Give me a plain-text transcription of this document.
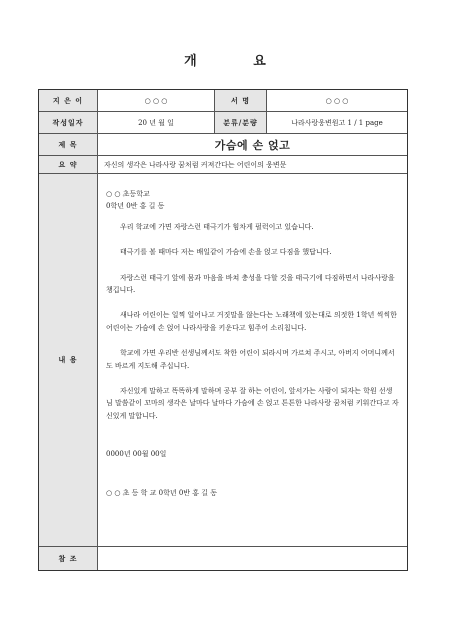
개 요
지 은 이	○ ○ ○	서 명	○ ○ ○
작성일자	20 년 월 일	분류/분량	나라사랑웅변원고 1 / 1 page
제 목	가슴에 손 얹고
요 약	자신의 생각은 나라사랑 꿈처럼 커져간다는 어린이의 웅변문
내 용
○ ○ 초등학교
0학년 0반 홍 길 동
우리 학교에 가면 자랑스런 태극기가 힘차게 펄럭이고 있습니다.
태극기를 볼 때마다 저는 배일같이 가슴에 손을 얹고 다짐을 했답니다.
자랑스런 태극기 앞에 몸과 마음을 바쳐 충성을 다할 것을 태극기에 다짐하면서 나라사랑을 챙깁니다.
새나라 어린이는 일찍 일어나고 거짓말을 않는다는 노래책에 있는대로 의젓한 1학년 씩씩한 어린이는 가슴에 손 얹어 나라사랑을 키운다고 힘주어 소리칩니다.
학교에 가면 우리반 선생님께서도 착한 어린이 되라시며 가르쳐 주시고, 아버지 어머니께서도 바르게 지도해 주십니다.
자신있게 말하고 똑똑하게 말하며 공부 잘 하는 어린이, 앞서가는 사람이 되자는 학원 선생님 말씀같이 꼬마의 생각은 날마다 날마다 가슴에 손 얹고 튼튼한 나라사랑 꿈처럼 키워간다고 자신있게 말합니다.
0000년 00월 00일
○ ○ 초 등 학 교 0학년 0반 홍 길 동
참 조
